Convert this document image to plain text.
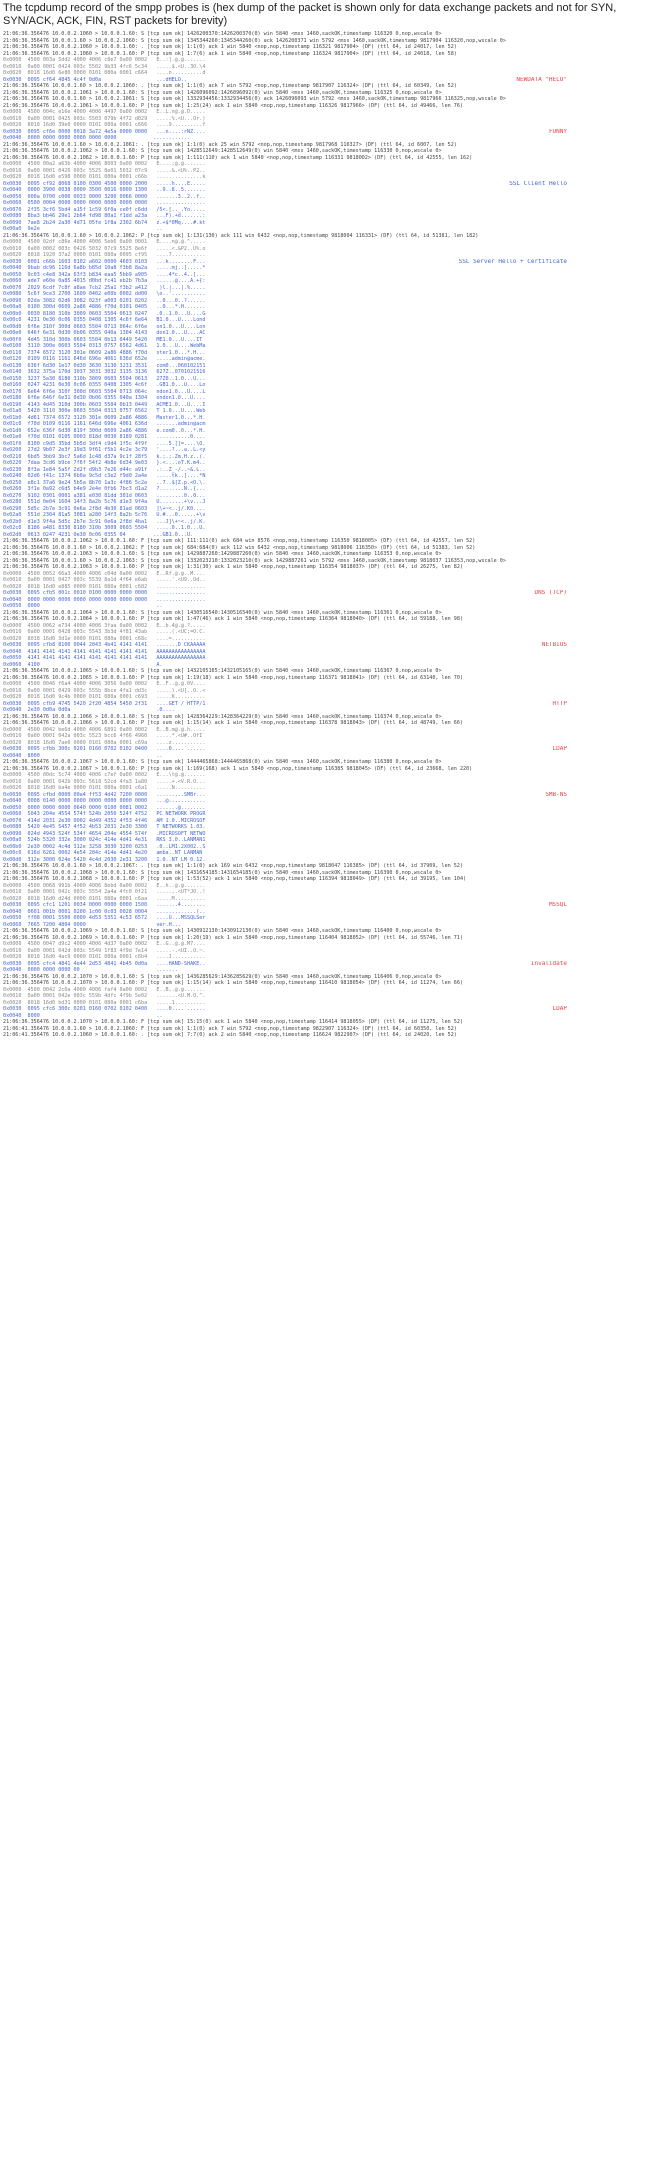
The tcpdump record of the smpp probes is (hex dump of the packet is shown only for data exchange packets and not for SYN, SYN/ACK, ACK, FIN, RST packets for brevity)

21:06:36.356476 10.0.0.2.1060 > 10.0.0.1.60: S [tcp sum ok] 1426200370:1426200370(0) win 5840 <mss 1460,sackOK,timestamp 116320 0,nop,wscale 0>
21:06:36.356476 10.0.0.1.60 > 10.0.0.2.1060: S [tcp sum ok] 1345344260:1345344260(0) ack 1426200371 win 5792 <mss 1460,sackOK,timestamp 9817904 116320,nop,wscale 0>
21:06:36.356476 10.0.0.2.1060 > 10.0.0.1.60: . [tcp sum ok] 1:1(0) ack 1 win 5840 <nop,nop,timestamp 116321 9817904> (DF) (ttl 64, id 24017, len 52)
21:06:36.356476 10.0.0.2.1060 > 10.0.0.1.60: P [tcp sum ok] 1:7(6) ack 1 win 5840 <nop,nop,timestamp 116324 9817904> (DF) (ttl 64, id 24018, len 58)
0x0000  4500 003a 5dd2 4000 4006 c8e7 0a00 0002   E..:].@.@.......
0x0010  0a00 0001 0424 003c 5502 9b33 4fc6 5c34   .....$.<U..3O.\4
0x0020  8018 16d0 6e80 0000 0101 080a 0001 c664   ....n..........d
0x0030  0095 cf64 4845 4c4f 0d0a                  ...dHELO..	NEWDATA "HELO"
21:06:36.356476 10.0.0.1.60 > 10.0.0.2.1060: . [tcp sum ok] 1:1(0) ack 7 win 5792 <nop,nop,timestamp 9817907 116324> (DF) (ttl 64, id 60349, len 52)
21:06:36.356476 10.0.0.2.1061 > 10.0.0.1.60: S [tcp sum ok] 1426096092:1426096092(0) win 5840 <mss 1460,sackOK,timestamp 116325 0,nop,wscale 0>
21:06:36.356476 10.0.0.1.60 > 10.0.0.2.1061: S [tcp sum ok] 1332934456:1332934456(0) ack 1426096093 win 5792 <mss 1460,sackOK,timestamp 9817966 116325,nop,wscale 0>
21:06:36.356476 10.0.0.2.1061 > 10.0.0.1.60: P [tcp sum ok] 1:25(24) ack 1 win 5840 <nop,nop,timestamp 116326 9817966> (DF) (ttl 64, id 49466, len 76)
0x0000  4500 004c e16e 4000 4006 4497 0a00 0002   E..L.n@.@.D.....
0x0010  0a00 0001 0425 003c 5503 079b 4f72 d029   .....%.<U...Or.)
0x0020  8018 16d0 39e0 0000 0101 080a 0001 c666   ....9..........f
0x0030  0095 cf6e 0000 0018 3a72 4e5a 0000 0000   ...n....:rNZ....	FUNNY
0x0040  0000 0000 0000 0000 0000 0000            ............
21:06:36.356476 10.0.0.1.60 > 10.0.0.2.1061: . [tcp sum ok] 1:1(0) ack 25 win 5792 <nop,nop,timestamp 9817968 116327> (DF) (ttl 64, id 6007, len 52)
21:06:36.356476 10.0.0.2.1062 > 10.0.0.1.60: S [tcp sum ok] 1428512649:1428512649(0) win 5840 <mss 1460,sackOK,timestamp 116330 0,nop,wscale 0>
21:06:36.356476 10.0.0.2.1062 > 10.0.0.1.60: P [tcp sum ok] 1:111(110) ack 1 win 5840 <nop,nop,timestamp 116331 9818002> (DF) (ttl 64, id 42555, len 162)
0x0000  4500 00a2 a63b 4000 4006 8003 0a00 0002   E....;@.@.......
0x0010  0a00 0001 0426 003c 5525 8e01 5032 07c9   .....&.<U%..P2..
0x0020  8018 16d0 e598 0000 0101 080a 0001 c66b   ...............k
0x0030  0095 cf92 8068 0100 0300 4500 0000 2000   .....h....E.....	SSL Client Hello
0x0040  0000 3900 0038 0000 3500 0016 0000 1300   ..9..8..5.......
0x0050  000a 0700 c000 0033 0000 3200 0066 0000   .......3..2..f..
0x0060  0500 0004 0000 0000 0000 0000 0000 0000   ................
0x0070  2f35 3cf6 5bd4 a15f 1c59 6f0a ce0f c6dd   /5<.[.._.Yo.....
0x0080  8ba3 bb46 29e1 2b64 fd98 80a1 f1dd a23a   ...F).+d.......:
0x0090  7ae8 2b24 2a30 4d71 05fe 1f8a 2302 6b74   z.+$*0Mq....#.kt
0x00a0  9e2e                                      ..
21:06:36.356476 10.0.0.1.60 > 10.0.0.2.1062: P [tcp sum ok] 1:131(130) ack 111 win 6432 <nop,nop,timestamp 9818004 116331> (DF) (ttl 64, id 51381, len 182)
0x0000  4500 02df c86e 4000 4006 5eb6 0a00 0001   E....n@.@.^.....
0x0010  0a00 0002 003c 0426 5032 07c9 5525 8e6f   .....<.&P2..U%.o
0x0020  8018 1920 37a2 0000 0101 080a 0095 cf95   ....7...........
0x0030  0001 c66b 1603 0102 a602 0000 4603 0103   ...k........F...	SSL Server Hello + Certificate
0x0040  9bab dc96 116d 6a8b b85d 10a8 f3b8 8a2a   .....mj..].....*
0x0050  9c03 c4e8 342a 63f3 b834 eaa5 5bb9 a905   ....4*c..4..[...
0x0060  ade7 e60e 0a85 4015 d0bd fc41 eb2b 7b3a   ......@....A.+{:
0x0070  2029 6cdf 7c8f a8ae 7cb2 25a1 f3b2 a412    )l.|...|.%.....
0x0080  5c6f 9ce3 2700 1600 0402 e00b 0002 dd00   \o..'...........
0x0090  02da 3082 02d6 3082 023f a003 0201 0202   ..0...0..?......
0x00a0  0100 300d 0609 2a86 4886 f70d 0101 0405   ..0...*.H.......
0x00b0  0030 8180 310b 3009 0603 5504 0613 0247   .0..1.0...U....G
0x00c0  4231 0e30 0c06 0355 0408 1305 4c6f 6e64   B1.0...U....Lond
0x00d0  6f6e 310f 300d 0603 5504 0713 064c 6f6e   on1.0...U....Lon
0x00e0  646f 6e31 0d30 0b06 0355 040a 1304 4143   don1.0...U....AC
0x00f0  4d45 310d 300b 0603 5504 0b13 0449 5420   ME1.0...U....IT
0x0100  3110 300e 0603 5504 0313 0757 6562 4d61   1.0...U....WebMa
0x0110  7374 6572 3120 301e 0609 2a86 4886 f70d   ster1.0...*.H...
0x0120  0109 0116 1161 646d 696e 4061 636d 652e   .....admin@acme.
0x0130  636f 6d30 1e17 0d30 3630 3130 3231 3531   com0...060102151
0x0140  3632 375a 170d 3037 3031 3032 3135 3136   627Z..0701021516
0x0150  3237 5a30 8180 310b 3009 0603 5504 0613   27Z0..1.0...U...
0x0160  0247 4231 0e30 0c06 0355 0408 1305 4c6f   .GB1.0...U....Lo
0x0170  6e64 6f6e 310f 300d 0603 5504 0713 064c   ndon1.0...U....L
0x0180  6f6e 646f 6e31 0d30 0b06 0355 040a 1304   ondon1.0...U....
0x0190  4143 4d45 310d 300b 0603 5504 0b13 0449   ACME1.0...U....I
0x01a0  5420 3110 300e 0603 5504 0313 0757 6562   T 1.0...U....Web
0x01b0  4d61 7374 6572 3120 301e 0609 2a86 4886   Master1.0...*.H.
0x01c0  f70d 0109 0116 1161 646d 696e 4061 636d   .......admin@acm
0x01d0  652e 636f 6d30 819f 300d 0609 2a86 4886   e.com0..0...*.H.
0x01e0  f70d 0101 0105 0003 818d 0030 8189 0281   ...........0....
0x01f0  8100 c9d5 35bd 5b5d 3df4 c9d4 1f5c 4f9f   ....5.[]=....\O.
0x0200  27d2 9b07 2e3f 19d3 9f61 f5b1 4c2e 3c79   '....?...a..L.<y
0x0210  6bd5 3bb9 3bc7 5a6d 1c48 d37a 9c1f 28f5   k.;.;.Zm.H.z..(.
0x0220  7daa 3cd6 b9ce 7f6f 54f2 4b8e 6d34 9e03   }.<....oT.K.m4..
0x0230  8f3a 1e84 5a5f 2d2f d9b3 7e26 d44c a91f   .:..Z_-/..~&.L..
0x0240  02d6 f41c 1374 6b0a 9c5d c3e2 f9d0 2a4e   .....tk..]....*N
0x0250  e8c1 37a6 9e24 5b5a 8b70 1a3c 4f86 5c2e   ..7..$[Z.p.<O.\.
0x0260  3f1e 0a92 c6d5 b4e9 2e4e 0fb6 7bc3 d1a2   ?........N..{...
0x0270  9102 0301 0001 a381 e030 81dd 301d 0603   .........0..0...
0x0280  551d 0e04 1604 14f3 8a2b 5c76 d1e3 9f4a   U........+\v...J
0x0290  5d5c 2b7e 3c91 0e6a 2f8d 4b30 81ad 0603   ]\+~<..j/.K0....
0x02a0  551d 2304 81a5 3081 a280 14f3 8a2b 5c76   U.#...0......+\v
0x02b0  d1e3 9f4a 5d5c 2b7e 3c91 0e6a 2f8d 4ba1   ...J]\+~<..j/.K.
0x02c0  8186 a481 8330 8180 310b 3009 0603 5504   .....0..1.0...U.
0x02d0  0613 0247 4231 0e30 0c06 0355 04         ...GB1.0...U.
21:06:36.356476 10.0.0.2.1062 > 10.0.0.1.60: F [tcp sum ok] 111:111(0) ack 684 win 8576 <nop,nop,timestamp 116350 9818005> (DF) (ttl 64, id 42557, len 52)
21:06:36.356476 10.0.0.1.60 > 10.0.0.2.1062: F [tcp sum ok] 684:684(0) ack 112 win 6432 <nop,nop,timestamp 9818006 116350> (DF) (ttl 64, id 51383, len 52)
21:06:36.356476 10.0.0.2.1063 > 10.0.0.1.60: S [tcp sum ok] 1429887260:1429887260(0) win 5840 <mss 1460,sackOK,timestamp 116353 0,nop,wscale 0>
21:06:36.356476 10.0.0.1.60 > 10.0.0.2.1063: S [tcp sum ok] 1332023210:1332023210(0) ack 1429887261 win 5792 <mss 1460,sackOK,timestamp 9818037 116353,nop,wscale 0>
21:06:36.356476 10.0.0.2.1063 > 10.0.0.1.60: P [tcp sum ok] 1:31(30) ack 1 win 5840 <nop,nop,timestamp 116354 9818037> (DF) (ttl 64, id 26275, len 82)
0x0000  4500 0052 66a3 4000 4006 c04d 0a00 0002   E..Rf.@.@..M....
0x0010  0a00 0001 0427 003c 5539 8a1d 4f64 e6ab   .....'.<U9..Od..
0x0020  8018 16d0 e885 0000 0101 080a 0001 c682   ................
0x0030  0095 cfb5 001c 0010 0100 0000 0000 0000   ................	DNS (TCP)
0x0040  0000 0000 0000 0000 0000 0000 0000 0000   ................
0x0050  0000                                      ..
21:06:36.356476 10.0.0.2.1064 > 10.0.0.1.60: S [tcp sum ok] 1430516540:1430516540(0) win 5840 <mss 1460,sackOK,timestamp 116361 0,nop,wscale 0>
21:06:36.356476 10.0.0.2.1064 > 10.0.0.1.60: P [tcp sum ok] 1:47(46) ack 1 win 5840 <nop,nop,timestamp 116364 9818040> (DF) (ttl 64, id 59188, len 98)
0x0000  4500 0062 e734 4000 4006 3faa 0a00 0002   E..b.4@.@.?.....
0x0010  0a00 0001 0428 003c 5543 3b3d 4f81 43ab   .....(.<UC;=O.C.
0x0020  8018 16d0 3d1e 0000 0101 080a 0001 c68c   ....=...........
0x0030  0095 cfb8 8100 0044 2043 4b41 4141 4141   .......D CKAAAAA	NETBIOS
0x0040  4141 4141 4141 4141 4141 4141 4141 4141   AAAAAAAAAAAAAAAA
0x0050  4141 4141 4141 4141 4141 4141 4141 4141   AAAAAAAAAAAAAAAA
0x0060  4100                                      A.
21:06:36.356476 10.0.0.2.1065 > 10.0.0.1.60: S [tcp sum ok] 1432105165:1432105165(0) win 5840 <mss 1460,sackOK,timestamp 116367 0,nop,wscale 0>
21:06:36.356476 10.0.0.2.1065 > 10.0.0.1.60: P [tcp sum ok] 1:19(18) ack 1 win 5840 <nop,nop,timestamp 116371 9818041> (DF) (ttl 64, id 63140, len 70)
0x0000  4500 0046 f6a4 4000 4006 3056 0a00 0002   E..F..@.@.0V....
0x0010  0a00 0001 0429 003c 555b 8bce 4fa1 dd3c   .....).<U[..O..<
0x0020  8018 16d0 9c4b 0000 0101 080a 0001 c693   .....K..........
0x0030  0095 cfb9 4745 5420 2f20 4854 5450 2f31   ....GET / HTTP/1	HTTP
0x0040  2e30 0d0a 0d0a                            .0....
21:06:36.356476 10.0.0.2.1066 > 10.0.0.1.60: S [tcp sum ok] 1428364229:1428364229(0) win 5840 <mss 1460,sackOK,timestamp 116374 0,nop,wscale 0>
21:06:36.356476 10.0.0.2.1066 > 10.0.0.1.60: P [tcp sum ok] 1:15(14) ack 1 win 5840 <nop,nop,timestamp 116378 9818043> (DF) (ttl 64, id 48749, len 66)
0x0000  4500 0042 be6d 4000 4006 6891 0a00 0002   E..B.m@.@.h.....
0x0010  0a00 0001 042a 003c 5523 bcc6 4f66 4960   .....*.<U#..OfI`
0x0020  8018 16d0 7ae0 0000 0101 080a 0001 c69a   ....z...........
0x0030  0095 cfbb 300c 0201 0160 0702 0102 0400   ....0....`......	LDAP
0x0040  8000                                      ..
21:06:36.356476 10.0.0.2.1067 > 10.0.0.1.60: S [tcp sum ok] 1444465868:1444465868(0) win 5840 <mss 1460,sackOK,timestamp 116380 0,nop,wscale 0>
21:06:36.356476 10.0.0.2.1067 > 10.0.0.1.60: P [tcp sum ok] 1:169(168) ack 1 win 5840 <nop,nop,timestamp 116385 9818045> (DF) (ttl 64, id 23668, len 220)
0x0000  4500 00dc 5c74 4000 4006 c7ef 0a00 0002   E...\t@.@.......
0x0010  0a00 0001 042b 003c 5618 52cd 4fa3 1a80   .....+.<V.R.O...
0x0020  8018 16d0 ba4e 0000 0101 080a 0001 c6a1   .....N..........
0x0030  0095 cfbd 0000 00a4 ff53 4d42 7200 0000   .........SMBr...	SMB-NS
0x0040  0008 0140 0000 0000 0000 0000 0000 0000   ...@............
0x0050  0000 0000 0000 0640 0000 0100 0081 0002   .......@........
0x0060  5043 204e 4554 574f 524b 2050 524f 4752   PC NETWORK PROGR
0x0070  414d 2031 2e30 0002 4d49 4352 4f53 4f46   AM 1.0..MICROSOF
0x0080  5420 4e45 5457 4f52 4b53 2031 2e30 3300   T NETWORKS 1.03.
0x0090  024d 4943 524f 534f 4654 204e 4554 574f   .MICROSOFT NETWO
0x00a0  524b 5320 332e 3000 024c 414e 4d41 4e31   RKS 3.0..LANMAN1
0x00b0  2e30 0002 4c4d 312e 3258 3030 3200 0253   .0..LM1.2X002..S
0x00c0  616d 6261 0002 4e54 204c 414e 4d41 4e20   amba..NT LANMAN
0x00d0  312e 3000 024e 5420 4c4d 2030 2e31 3200   1.0..NT LM 0.12.
21:06:36.356476 10.0.0.1.60 > 10.0.0.2.1067: . [tcp sum ok] 1:1(0) ack 169 win 6432 <nop,nop,timestamp 9818047 116385> (DF) (ttl 64, id 37909, len 52)
21:06:36.356476 10.0.0.2.1068 > 10.0.0.1.60: S [tcp sum ok] 1431654185:1431654185(0) win 5840 <mss 1460,sackOK,timestamp 116390 0,nop,wscale 0>
21:06:36.356476 10.0.0.2.1068 > 10.0.0.1.60: P [tcp sum ok] 1:53(52) ack 1 win 5840 <nop,nop,timestamp 116394 9818049> (DF) (ttl 64, id 39195, len 104)
0x0000  4500 0068 991b 4000 4006 8ebd 0a00 0002   E..h..@.@.......
0x0010  0a00 0001 042c 003c 5554 2a4a 4fc0 0f21   .....,.<UT*JO..!
0x0020  8018 16d0 d24d 0000 0101 080a 0001 c6aa   .....M..........
0x0030  0095 cfc1 1201 0034 0000 0000 0000 1500   .......4........	MSSQL
0x0040  0601 001b 0001 0200 1c00 0c03 0028 0004   .............(..
0x0050  ff08 0001 5500 0000 4d53 5351 4c53 6572   ....U...MSSQLSer
0x0060  7665 7200 4804 0000                       ver.H...
21:06:36.356476 10.0.0.2.1069 > 10.0.0.1.60: S [tcp sum ok] 1430912130:1430912130(0) win 5840 <mss 1460,sackOK,timestamp 116400 0,nop,wscale 0>
21:06:36.356476 10.0.0.2.1069 > 10.0.0.1.60: P [tcp sum ok] 1:20(19) ack 1 win 5840 <nop,nop,timestamp 116404 9818052> (DF) (ttl 64, id 55746, len 71)
0x0000  4500 0047 d9c2 4000 4006 4d37 0a00 0002   E..G..@.@.M7....
0x0010  0a00 0001 042d 003c 5549 1f83 4f9d 7e14   .....-.<UI..O.~.
0x0020  8018 16d0 4ac9 0000 0101 080a 0001 c6b4   ....J...........
0x0030  0095 cfc4 4841 4e44 2d53 4841 4b45 0d0a   ....HAND-SHAKE..	Invalidate
0x0040  0000 0000 0000 00                         .......
21:06:36.356476 10.0.0.2.1070 > 10.0.0.1.60: S [tcp sum ok] 1436285629:1436285629(0) win 5840 <mss 1460,sackOK,timestamp 116406 0,nop,wscale 0>
21:06:36.356476 10.0.0.2.1070 > 10.0.0.1.60: P [tcp sum ok] 1:15(14) ack 1 win 5840 <nop,nop,timestamp 116410 9818054> (DF) (ttl 64, id 11274, len 66)
0x0000  4500 0042 2c0a 4000 4006 faf4 0a00 0002   E..B,.@.@.......
0x0010  0a00 0001 042e 003c 559b 4dfc 4f9b 5e02   .......<U.M.O.^.
0x0020  8018 16d0 bd31 0000 0101 080a 0001 c6ba   .....1..........
0x0030  0095 cfc6 300c 0201 0160 0702 0102 0400   ....0....`......	LDAP
0x0040  8000                                      ..
21:06:36.356476 10.0.0.2.1070 > 10.0.0.1.60: F [tcp sum ok] 15:15(0) ack 1 win 5840 <nop,nop,timestamp 116414 9818055> (DF) (ttl 64, id 11275, len 52)
21:06:41.356476 10.0.0.1.60 > 10.0.0.2.1060: F [tcp sum ok] 1:1(0) ack 7 win 5792 <nop,nop,timestamp 9822907 116324> (DF) (ttl 64, id 60350, len 52)
21:06:41.356476 10.0.0.2.1060 > 10.0.0.1.60: . [tcp sum ok] 7:7(0) ack 2 win 5840 <nop,nop,timestamp 116624 9822907> (DF) (ttl 64, id 24020, len 52)
